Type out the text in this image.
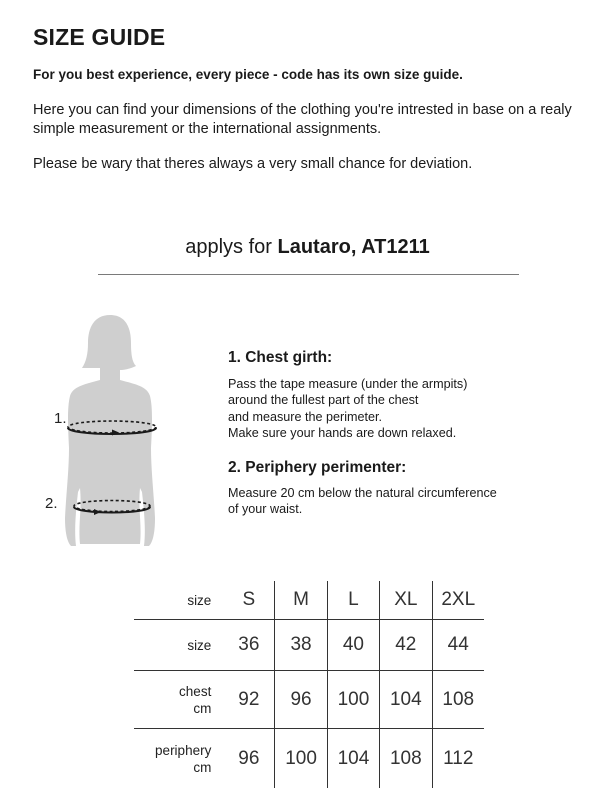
SIZE GUIDE

For you best experience, every piece - code has its own size guide.

Here you can find your dimensions of the clothing you're intrested in base on a realy simple measurement or the international assignments.

Please be wary that theres always a very small chance for deviation.

applys for Lautaro, AT1211
1.
2.

1. Chest girth:

Pass the tape measure (under the armpits)
around the fullest part of the chest
and measure the perimeter.
Make sure your hands are down relaxed.

2. Periphery perimenter:

Measure 20 cm below the natural circumference
of your waist.
size	S	M	L	XL	2XL

size	36	38	40	42	44

chest
cm	92	96	100	104	108

periphery
cm	96	100	104	108	112
